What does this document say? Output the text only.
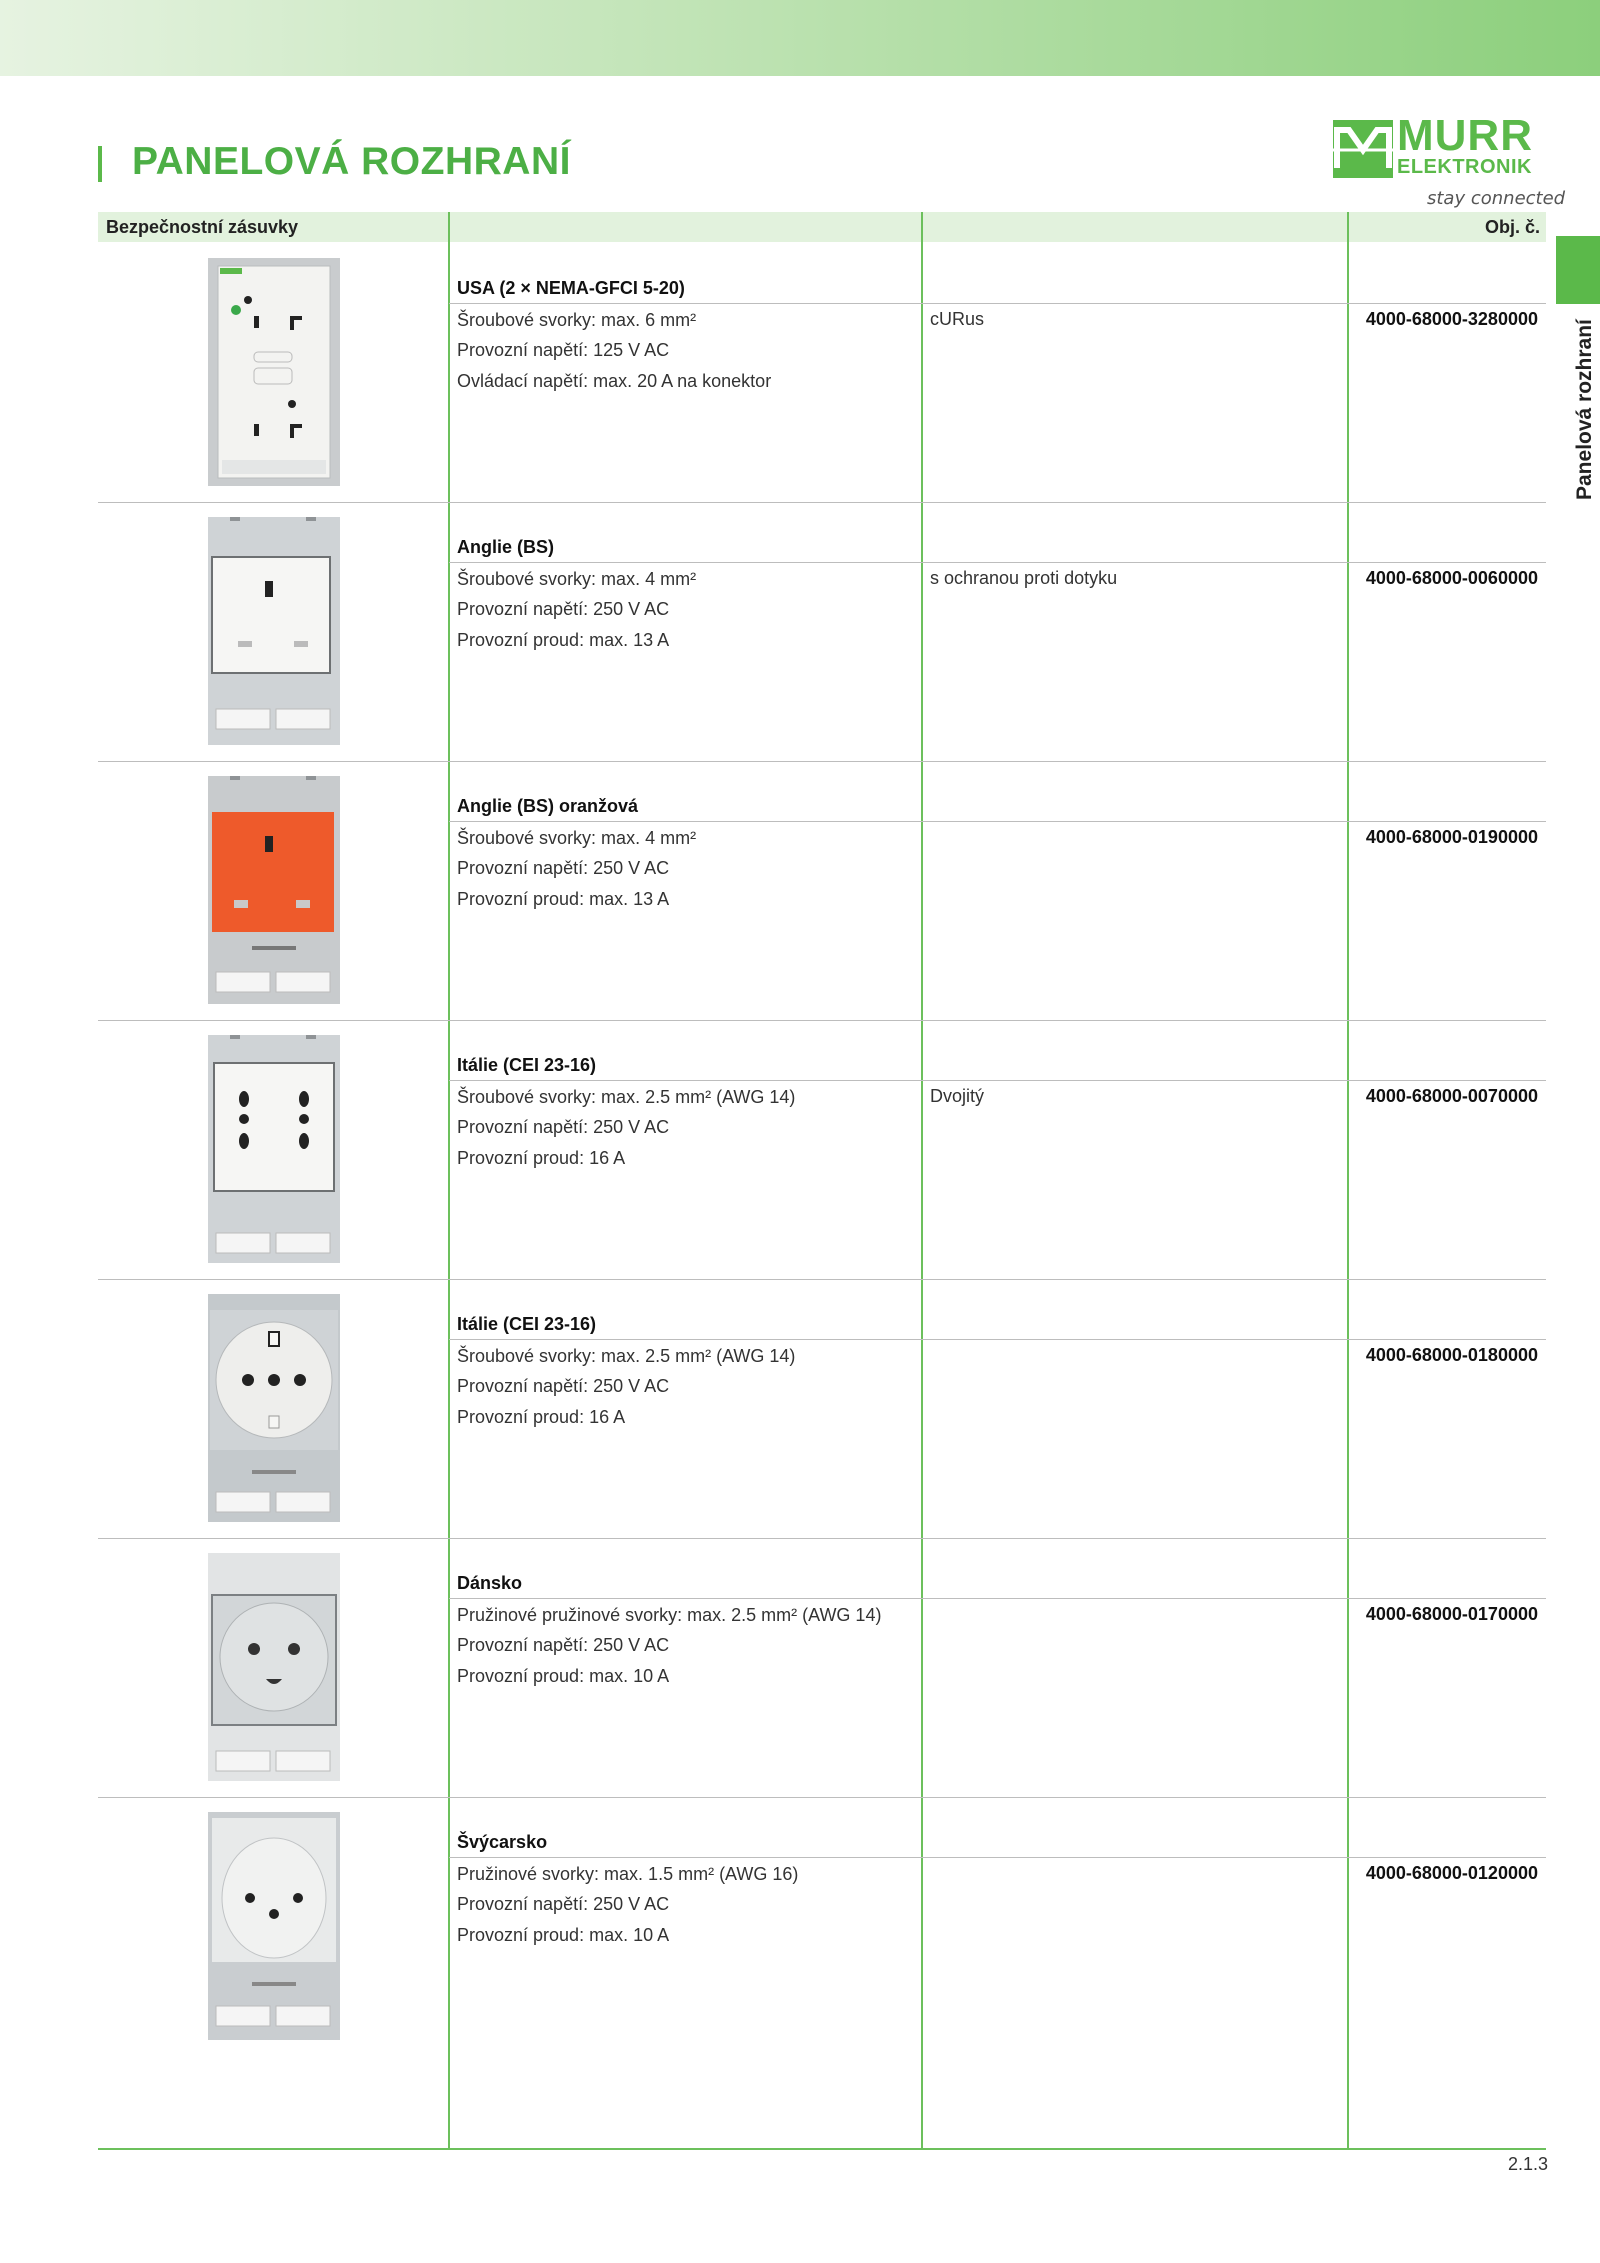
PANELOVÁ ROZHRANÍ
MURR
ELEKTRONIK
stay connected
Panelová rozhraní
Bezpečnostní zásuvky	Obj. č.
USA (2 × NEMA-GFCI 5-20)
Šroubové svorky: max. 6 mm²
Provozní napětí: 125 V AC
Ovládací napětí: max. 20 A na konektor
cURus	4000-68000-3280000
Anglie (BS)
Šroubové svorky: max. 4 mm²
Provozní napětí: 250 V AC
Provozní proud: max. 13 A
s ochranou proti dotyku	4000-68000-0060000
Anglie (BS) oranžová
Šroubové svorky: max. 4 mm²
Provozní napětí: 250 V AC
Provozní proud: max. 13 A
4000-68000-0190000
Itálie (CEI 23-16)
Šroubové svorky: max. 2.5 mm² (AWG 14)
Provozní napětí: 250 V AC
Provozní proud: 16 A
Dvojitý	4000-68000-0070000
Itálie (CEI 23-16)
Šroubové svorky: max. 2.5 mm² (AWG 14)
Provozní napětí: 250 V AC
Provozní proud: 16 A
4000-68000-0180000
Dánsko
Pružinové pružinové svorky: max. 2.5 mm² (AWG 14)
Provozní napětí: 250 V AC
Provozní proud: max. 10 A
4000-68000-0170000
Švýcarsko
Pružinové svorky: max. 1.5 mm² (AWG 16)
Provozní napětí: 250 V AC
Provozní proud: max. 10 A
4000-68000-0120000
2.1.3
